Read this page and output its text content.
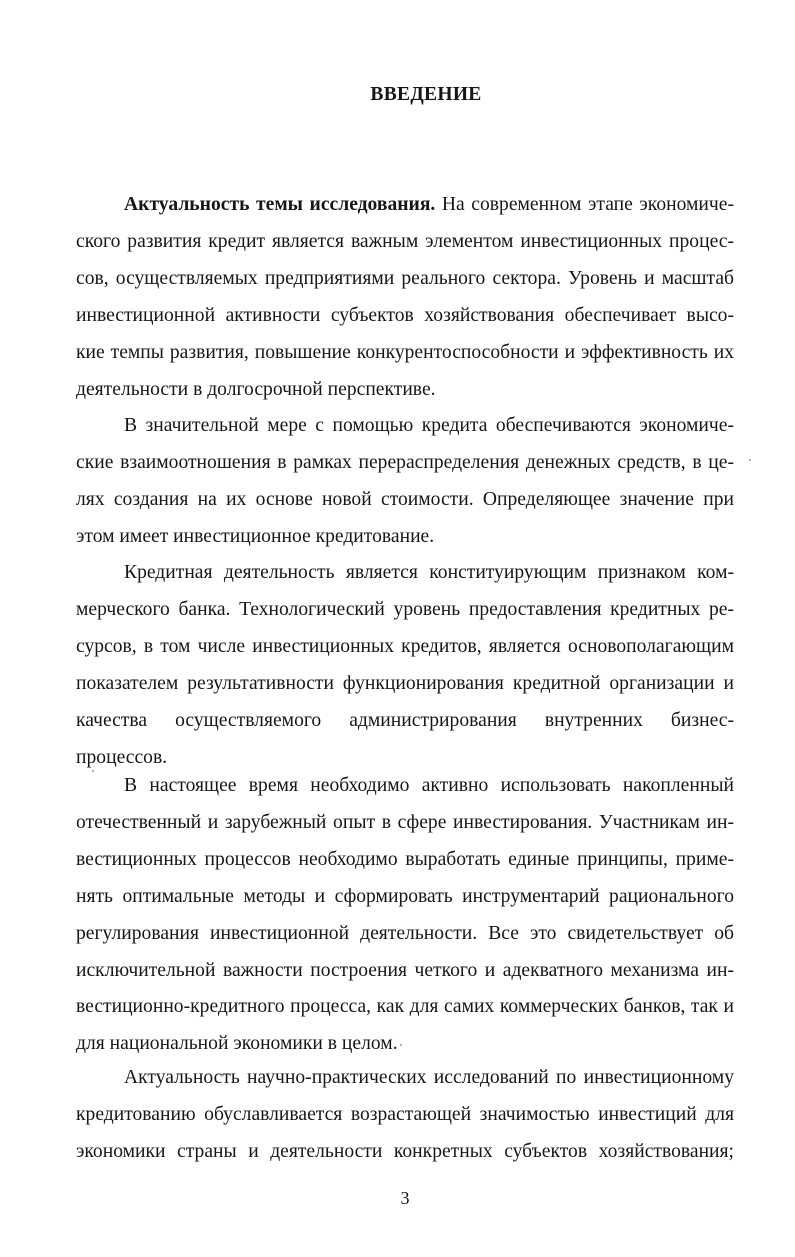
ВВЕДЕНИЕ

Актуальность темы исследования. На современном этапе экономиче-
ского развития кредит является важным элементом инвестиционных процес-
сов, осуществляемых предприятиями реального сектора. Уровень и масштаб
инвестиционной активности субъектов хозяйствования обеспечивает высо-
кие темпы развития, повышение конкурентоспособности и эффективность их
деятельности в долгосрочной перспективе.

В значительной мере с помощью кредита обеспечиваются экономиче-
ские взаимоотношения в рамках перераспределения денежных средств, в це-
лях создания на их основе новой стоимости. Определяющее значение при
этом имеет инвестиционное кредитование.

Кредитная деятельность является конституирующим признаком ком-
мерческого банка. Технологический уровень предоставления кредитных ре-
сурсов, в том числе инвестиционных кредитов, является основополагающим
показателем результативности функционирования кредитной организации и
качества осуществляемого администрирования внутренних бизнес-
процессов.

В настоящее время необходимо активно использовать накопленный
отечественный и зарубежный опыт в сфере инвестирования. Участникам ин-
вестиционных процессов необходимо выработать единые принципы, приме-
нять оптимальные методы и сформировать инструментарий рационального
регулирования инвестиционной деятельности. Все это свидетельствует об
исключительной важности построения четкого и адекватного механизма ин-
вестиционно-кредитного процесса, как для самих коммерческих банков, так и
для национальной экономики в целом.

Актуальность научно-практических исследований по инвестиционному
кредитованию обуславливается возрастающей значимостью инвестиций для
экономики страны и деятельности конкретных субъектов хозяйствования;

3
